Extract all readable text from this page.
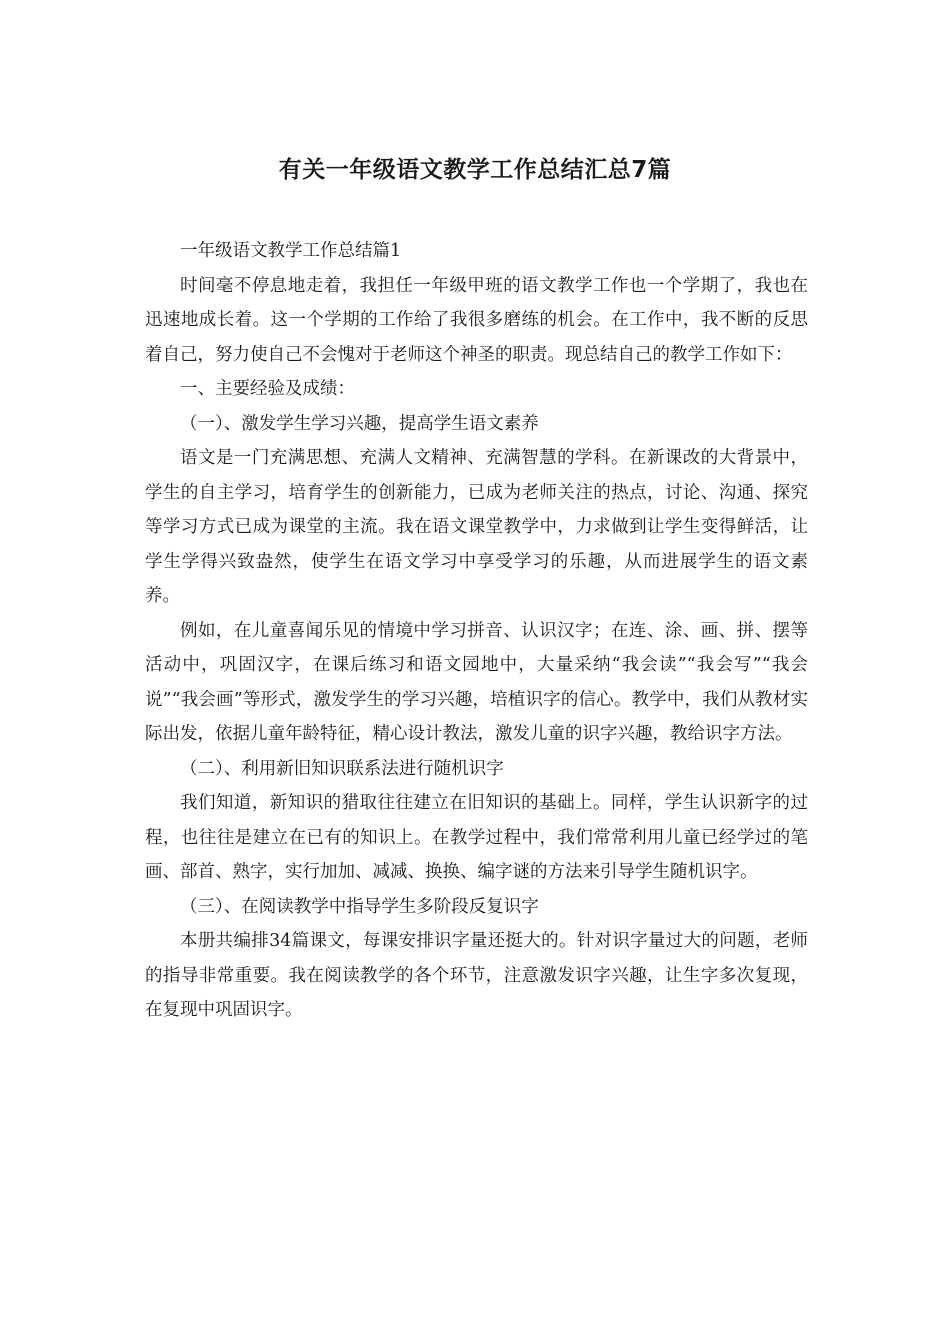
有关一年级语文教学工作总结汇总7篇

一年级语文教学工作总结篇1

时间毫不停息地走着，我担任一年级甲班的语文教学工作也一个学期了，我也在迅速地成长着。这一个学期的工作给了我很多磨练的机会。在工作中，我不断的反思着自己，努力使自己不会愧对于老师这个神圣的职责。现总结自己的教学工作如下：

一、主要经验及成绩：

（一）、激发学生学习兴趣，提高学生语文素养

语文是一门充满思想、充满人文精神、充满智慧的学科。在新课改的大背景中，学生的自主学习，培育学生的创新能力，已成为老师关注的热点，讨论、沟通、探究等学习方式已成为课堂的主流。我在语文课堂教学中，力求做到让学生变得鲜活，让学生学得兴致盎然，使学生在语文学习中享受学习的乐趣，从而进展学生的语文素养。

例如，在儿童喜闻乐见的情境中学习拼音、认识汉字；在连、涂、画、拼、摆等活动中，巩固汉字，在课后练习和语文园地中，大量采纳“我会读”“我会写”“我会说”“我会画”等形式，激发学生的学习兴趣，培植识字的信心。教学中，我们从教材实际出发，依据儿童年龄特征，精心设计教法，激发儿童的识字兴趣，教给识字方法。

（二）、利用新旧知识联系法进行随机识字

我们知道，新知识的猎取往往建立在旧知识的基础上。同样，学生认识新字的过程，也往往是建立在已有的知识上。在教学过程中，我们常常利用儿童已经学过的笔画、部首、熟字，实行加加、减减、换换、编字谜的方法来引导学生随机识字。

（三）、在阅读教学中指导学生多阶段反复识字

本册共编排34篇课文，每课安排识字量还挺大的。针对识字量过大的问题，老师的指导非常重要。我在阅读教学的各个环节，注意激发识字兴趣，让生字多次复现，在复现中巩固识字。
